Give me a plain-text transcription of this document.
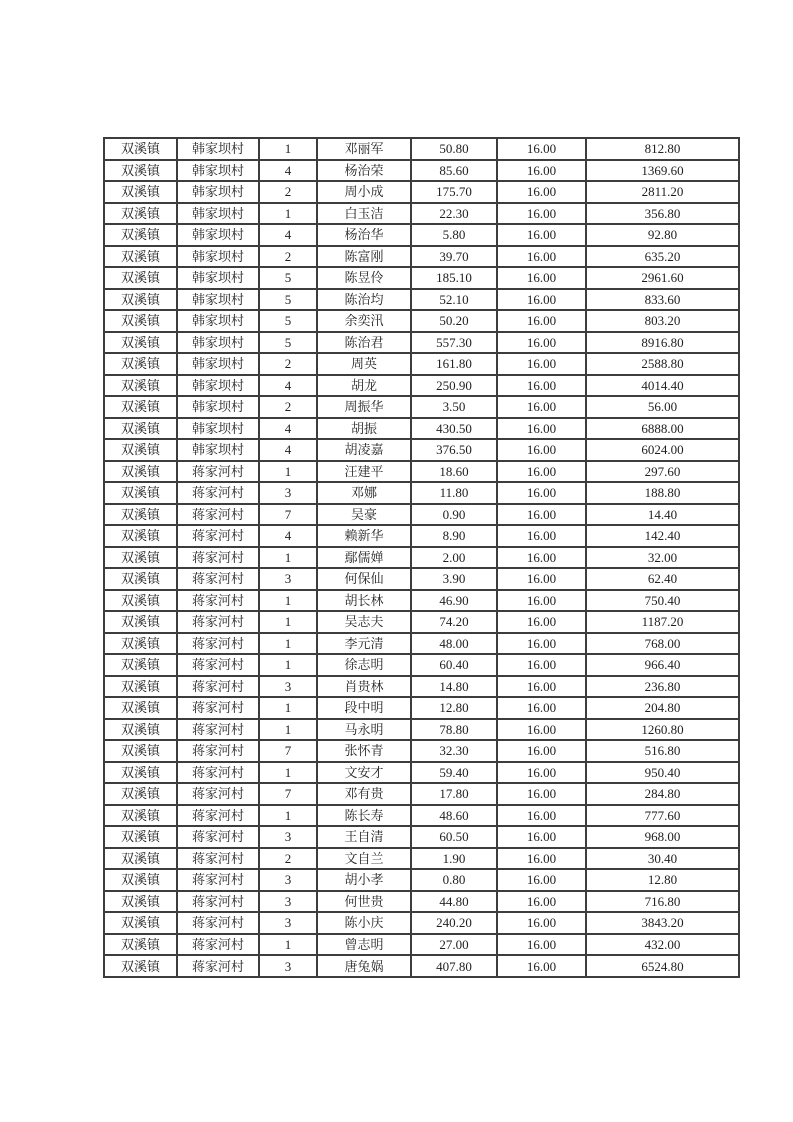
双溪镇	韩家坝村	1	邓丽军	50.80	16.00	812.80
双溪镇	韩家坝村	4	杨治荣	85.60	16.00	1369.60
双溪镇	韩家坝村	2	周小成	175.70	16.00	2811.20
双溪镇	韩家坝村	1	白玉洁	22.30	16.00	356.80
双溪镇	韩家坝村	4	杨治华	5.80	16.00	92.80
双溪镇	韩家坝村	2	陈富刚	39.70	16.00	635.20
双溪镇	韩家坝村	5	陈昱伶	185.10	16.00	2961.60
双溪镇	韩家坝村	5	陈治均	52.10	16.00	833.60
双溪镇	韩家坝村	5	余奕汛	50.20	16.00	803.20
双溪镇	韩家坝村	5	陈治君	557.30	16.00	8916.80
双溪镇	韩家坝村	2	周英	161.80	16.00	2588.80
双溪镇	韩家坝村	4	胡龙	250.90	16.00	4014.40
双溪镇	韩家坝村	2	周振华	3.50	16.00	56.00
双溪镇	韩家坝村	4	胡振	430.50	16.00	6888.00
双溪镇	韩家坝村	4	胡凌嘉	376.50	16.00	6024.00
双溪镇	蒋家河村	1	汪建平	18.60	16.00	297.60
双溪镇	蒋家河村	3	邓娜	11.80	16.00	188.80
双溪镇	蒋家河村	7	吴豪	0.90	16.00	14.40
双溪镇	蒋家河村	4	赖新华	8.90	16.00	142.40
双溪镇	蒋家河村	1	鄢儒婵	2.00	16.00	32.00
双溪镇	蒋家河村	3	何保仙	3.90	16.00	62.40
双溪镇	蒋家河村	1	胡长林	46.90	16.00	750.40
双溪镇	蒋家河村	1	吴志夫	74.20	16.00	1187.20
双溪镇	蒋家河村	1	李元清	48.00	16.00	768.00
双溪镇	蒋家河村	1	徐志明	60.40	16.00	966.40
双溪镇	蒋家河村	3	肖贵林	14.80	16.00	236.80
双溪镇	蒋家河村	1	段中明	12.80	16.00	204.80
双溪镇	蒋家河村	1	马永明	78.80	16.00	1260.80
双溪镇	蒋家河村	7	张怀青	32.30	16.00	516.80
双溪镇	蒋家河村	1	文安才	59.40	16.00	950.40
双溪镇	蒋家河村	7	邓有贵	17.80	16.00	284.80
双溪镇	蒋家河村	1	陈长寿	48.60	16.00	777.60
双溪镇	蒋家河村	3	王自清	60.50	16.00	968.00
双溪镇	蒋家河村	2	文自兰	1.90	16.00	30.40
双溪镇	蒋家河村	3	胡小孝	0.80	16.00	12.80
双溪镇	蒋家河村	3	何世贵	44.80	16.00	716.80
双溪镇	蒋家河村	3	陈小庆	240.20	16.00	3843.20
双溪镇	蒋家河村	1	曾志明	27.00	16.00	432.00
双溪镇	蒋家河村	3	唐兔娲	407.80	16.00	6524.80
